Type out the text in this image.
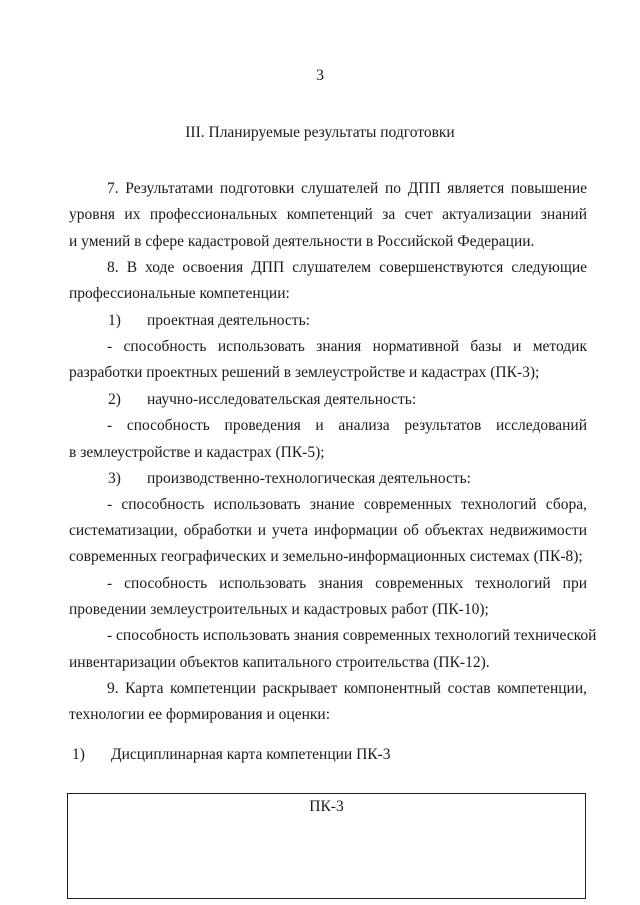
3
III. Планируемые результаты подготовки
7. Результатами подготовки слушателей по ДПП является повышение
уровня их профессиональных компетенций за счет актуализации знаний
и умений в сфере кадастровой деятельности в Российской Федерации.
8. В ходе освоения ДПП слушателем совершенствуются следующие
профессиональные компетенции:
1) проектная деятельность:
- способность использовать знания нормативной базы и методик
разработки проектных решений в землеустройстве и кадастрах (ПК-3);
2) научно-исследовательская деятельность:
- способность проведения и анализа результатов исследований
в землеустройстве и кадастрах (ПК-5);
3) производственно-технологическая деятельность:
- способность использовать знание современных технологий сбора,
систематизации, обработки и учета информации об объектах недвижимости
современных географических и земельно-информационных системах (ПК-8);
- способность использовать знания современных технологий при
проведении землеустроительных и кадастровых работ (ПК-10);
- способность использовать знания современных технологий технической
инвентаризации объектов капитального строительства (ПК-12).
9. Карта компетенции раскрывает компонентный состав компетенции,
технологии ее формирования и оценки:
1) Дисциплинарная карта компетенции ПК-3
ПК-3
